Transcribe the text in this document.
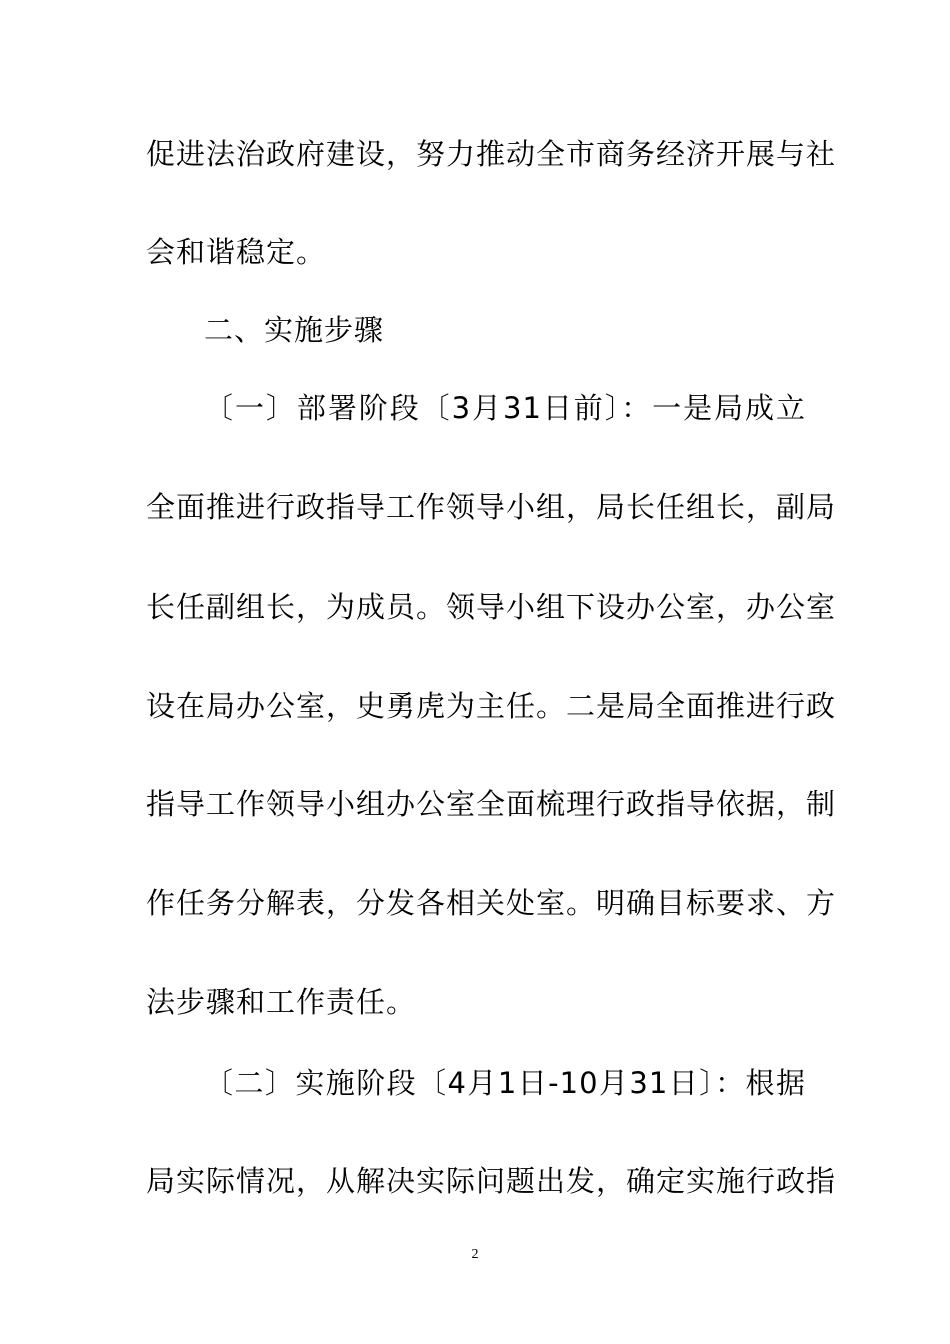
促进法治政府建设，努力推动全市商务经济开展与社
会和谐稳定。
二、实施步骤
〔一〕部署阶段〔3月31日前〕：一是局成立
全面推进行政指导工作领导小组，局长任组长，副局
长任副组长，为成员。领导小组下设办公室，办公室
设在局办公室，史勇虎为主任。二是局全面推进行政
指导工作领导小组办公室全面梳理行政指导依据，制
作任务分解表，分发各相关处室。明确目标要求、方
法步骤和工作责任。
〔二〕实施阶段〔4月1日-10月31日〕：根据
局实际情况，从解决实际问题出发，确定实施行政指
2
